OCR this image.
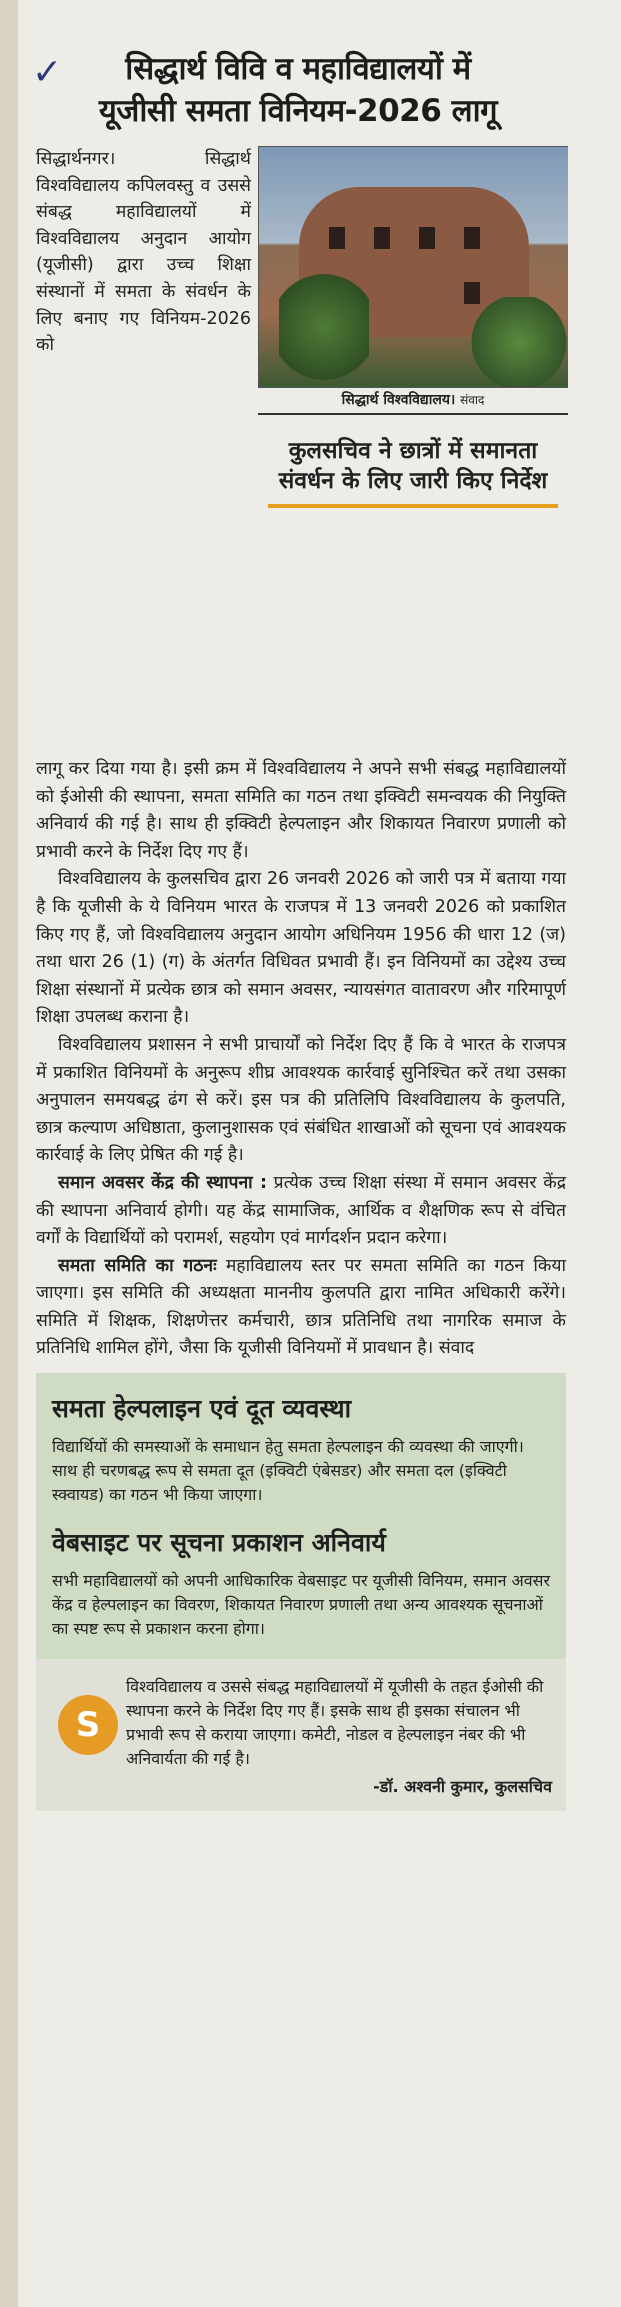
✓	सिद्धार्थ विवि व महाविद्यालयों में
यूजीसी समता विनियम-2026 लागू
सिद्धार्थनगर। सिद्धार्थ विश्वविद्यालय कपिलवस्तु व उससे संबद्ध महाविद्यालयों में विश्वविद्यालय अनुदान आयोग (यूजीसी) द्वारा उच्च शिक्षा संस्थानों में समता के संवर्धन के लिए बनाए गए विनियम-2026 को
सिद्धार्थ विश्वविद्यालय। संवाद
कुलसचिव ने छात्रों में समानता संवर्धन के लिए जारी किए निर्देश

लागू कर दिया गया है। इसी क्रम में विश्वविद्यालय ने अपने सभी संबद्ध महाविद्यालयों को ईओसी की स्थापना, समता समिति का गठन तथा इक्विटी समन्वयक की नियुक्ति अनिवार्य की गई है। साथ ही इक्विटी हेल्पलाइन और शिकायत निवारण प्रणाली को प्रभावी करने के निर्देश दिए गए हैं।

विश्वविद्यालय के कुलसचिव द्वारा 26 जनवरी 2026 को जारी पत्र में बताया गया है कि यूजीसी के ये विनियम भारत के राजपत्र में 13 जनवरी 2026 को प्रकाशित किए गए हैं, जो विश्वविद्यालय अनुदान आयोग अधिनियम 1956 की धारा 12 (ज) तथा धारा 26 (1) (ग) के अंतर्गत विधिवत प्रभावी हैं। इन विनियमों का उद्देश्य उच्च शिक्षा संस्थानों में प्रत्येक छात्र को समान अवसर, न्यायसंगत वातावरण और गरिमापूर्ण शिक्षा उपलब्ध कराना है।

विश्वविद्यालय प्रशासन ने सभी प्राचार्यों को निर्देश दिए हैं कि वे भारत के राजपत्र में प्रकाशित विनियमों के अनुरूप शीघ्र आवश्यक कार्रवाई सुनिश्चित करें तथा उसका अनुपालन समयबद्ध ढंग से करें। इस पत्र की प्रतिलिपि विश्वविद्यालय के कुलपति, छात्र कल्याण अधिष्ठाता, कुलानुशासक एवं संबंधित शाखाओं को सूचना एवं आवश्यक कार्रवाई के लिए प्रेषित की गई है।

समान अवसर केंद्र की स्थापना : प्रत्येक उच्च शिक्षा संस्था में समान अवसर केंद्र की स्थापना अनिवार्य होगी। यह केंद्र सामाजिक, आर्थिक व शैक्षणिक रूप से वंचित वर्गों के विद्यार्थियों को परामर्श, सहयोग एवं मार्गदर्शन प्रदान करेगा।

समता समिति का गठनः महाविद्यालय स्तर पर समता समिति का गठन किया जाएगा। इस समिति की अध्यक्षता माननीय कुलपति द्वारा नामित अधिकारी करेंगे। समिति में शिक्षक, शिक्षणेत्तर कर्मचारी, छात्र प्रतिनिधि तथा नागरिक समाज के प्रतिनिधि शामिल होंगे, जैसा कि यूजीसी विनियमों में प्रावधान है। संवाद

समता हेल्पलाइन एवं दूत व्यवस्था
विद्यार्थियों की समस्याओं के समाधान हेतु समता हेल्पलाइन की व्यवस्था की जाएगी। साथ ही चरणबद्ध रूप से समता दूत (इक्विटी एंबेसडर) और समता दल (इक्विटी स्क्वायड) का गठन भी किया जाएगा।
वेबसाइट पर सूचना प्रकाशन अनिवार्य
सभी महाविद्यालयों को अपनी आधिकारिक वेबसाइट पर यूजीसी विनियम, समान अवसर केंद्र व हेल्पलाइन का विवरण, शिकायत निवारण प्रणाली तथा अन्य आवश्यक सूचनाओं का स्पष्ट रूप से प्रकाशन करना होगा।
S
विश्वविद्यालय व उससे संबद्ध महाविद्यालयों में यूजीसी के तहत ईओसी की स्थापना करने के निर्देश दिए गए हैं। इसके साथ ही इसका संचालन भी प्रभावी रूप से कराया जाएगा। कमेटी, नोडल व हेल्पलाइन नंबर की भी अनिवार्यता की गई है।
-डॉ. अश्वनी कुमार, कुलसचिव
